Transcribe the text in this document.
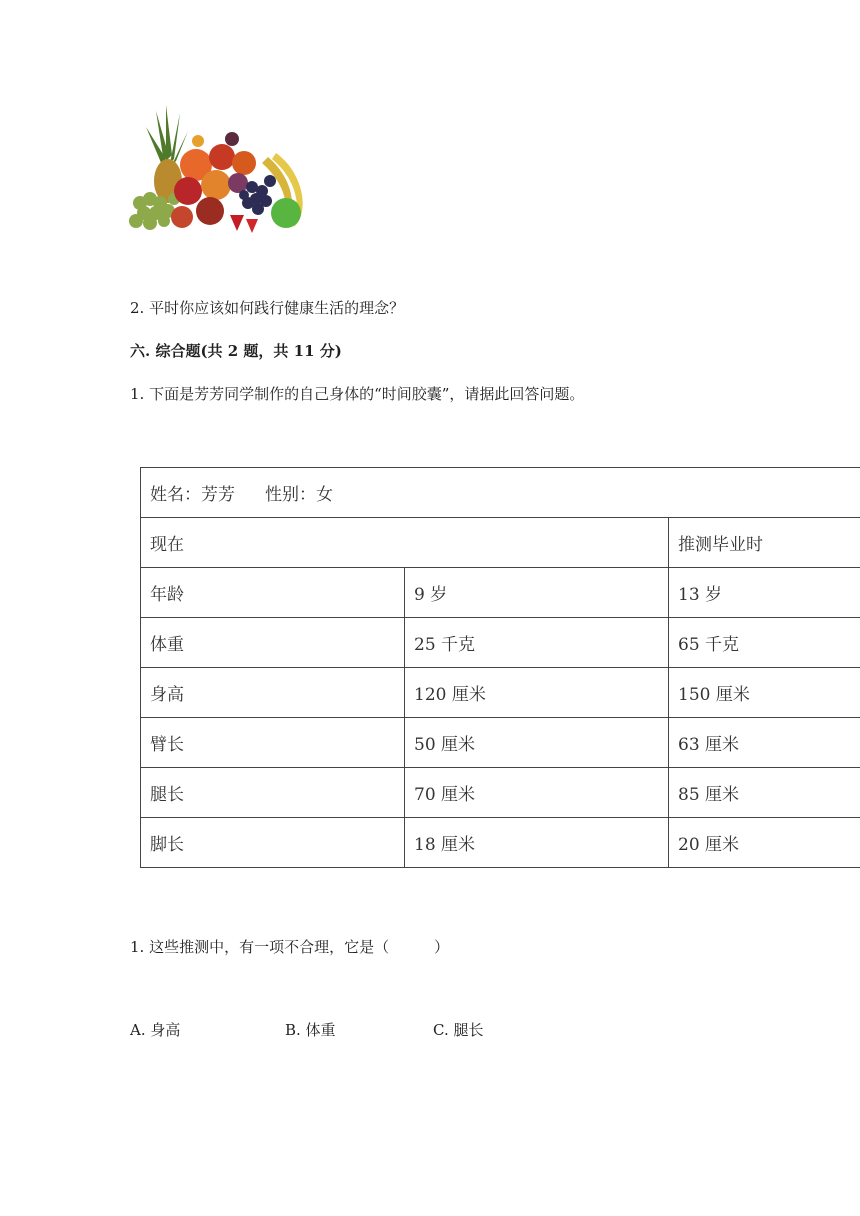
2. 平时你应该如何践行健康生活的理念？
六. 综合题(共 2 题，共 11 分)
1. 下面是芳芳同学制作的自己身体的“时间胶囊”，请据此回答问题。
姓名：芳芳 性别：女		
现在		推测毕业时
年龄	9 岁	13 岁
体重	25 千克	65 千克
身高	120 厘米	150 厘米
臂长	50 厘米	63 厘米
腿长	70 厘米	85 厘米
脚长	18 厘米	20 厘米
1. 这些推测中，有一项不合理，它是（　　　）
A. 身高	B. 体重	C. 腿长
